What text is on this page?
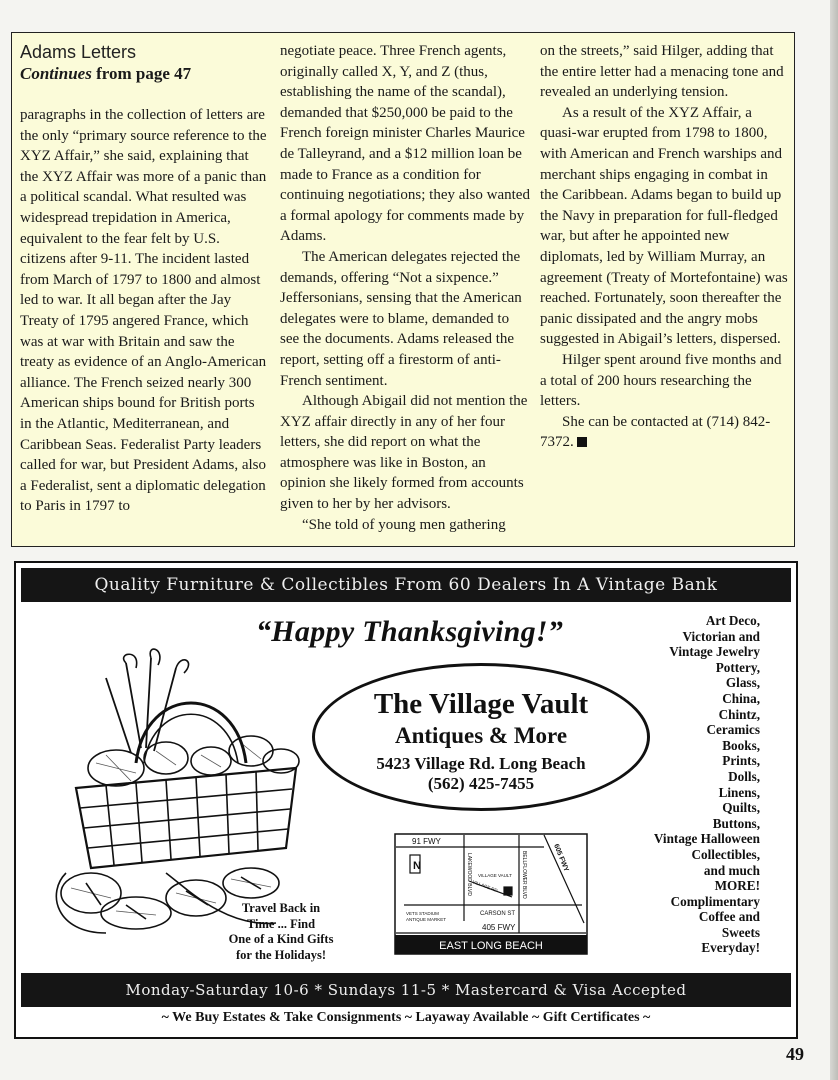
Adams Letters

Continues from page 47

paragraphs in the collection of letters are the only “primary source reference to the XYZ Affair,” she said, explaining that the XYZ Affair was more of a panic than a political scandal. What resulted was widespread trepidation in America, equivalent to the fear felt by U.S. citizens after 9-11. The incident lasted from March of 1797 to 1800 and almost led to war. It all began after the Jay Treaty of 1795 angered France, which was at war with Britain and saw the treaty as evidence of an Anglo-American alliance. The French seized nearly 300 American ships bound for British ports in the Atlantic, Mediterranean, and Caribbean Seas. Federalist Party leaders called for war, but President Adams, also a Federalist, sent a diplomatic delegation to Paris in 1797 to

negotiate peace. Three French agents, originally called X, Y, and Z (thus, establishing the name of the scandal), demanded that $250,000 be paid to the French foreign minister Charles Maurice de Talleyrand, and a $12 million loan be made to France as a condition for continuing negotiations; they also wanted a formal apology for comments made by Adams.

The American delegates rejected the demands, offering “Not a sixpence.” Jeffersonians, sensing that the American delegates were to blame, demanded to see the documents. Adams released the report, setting off a firestorm of anti-French sentiment.

Although Abigail did not mention the XYZ affair directly in any of her four letters, she did report on what the atmosphere was like in Boston, an opinion she likely formed from accounts given to her by her advisors.

“She told of young men gathering

on the streets,” said Hilger, adding that the entire letter had a menacing tone and revealed an underlying tension.

As a result of the XYZ Affair, a quasi-war erupted from 1798 to 1800, with American and French warships and merchant ships engaging in combat in the Caribbean. Adams began to build up the Navy in preparation for full-fledged war, but after he appointed new diplomats, led by William Murray, an agreement (Treaty of Mortefontaine) was reached. Fortunately, soon thereafter the panic dissipated and the angry mobs suggested in Abigail’s letters, dispersed.

Hilger spent around five months and a total of 200 hours researching the letters.

She can be contacted at (714) 842-7372.

Quality Furniture & Collectibles From 60 Dealers In A Vintage Bank
“Happy Thanksgiving!”
Travel Back in
Time ... Find
One of a Kind Gifts
for the Holidays!
The Village Vault
Antiques & More
5423 Village Rd. Long Beach
(562) 425-7455
91 FWY
N	LAKEWOOD BLVD	BELLFLOWER BLVD	605 FWY
VILLAGE RD
VILLAGE VAULT
CARSON ST
VETS STADIUM
ANTIQUE MARKET
405 FWY
EAST LONG BEACH
Art Deco,
Victorian and
Vintage Jewelry
Pottery,
Glass,
China,
Chintz,
Ceramics
Books,
Prints,
Dolls,
Linens,
Quilts,
Buttons,
Vintage Halloween
Collectibles,
and much
MORE!
Complimentary
Coffee and
Sweets
Everyday!
Monday-Saturday 10-6 * Sundays 11-5 * Mastercard & Visa Accepted
~ We Buy Estates & Take Consignments ~ Layaway Available ~ Gift Certificates ~
49
